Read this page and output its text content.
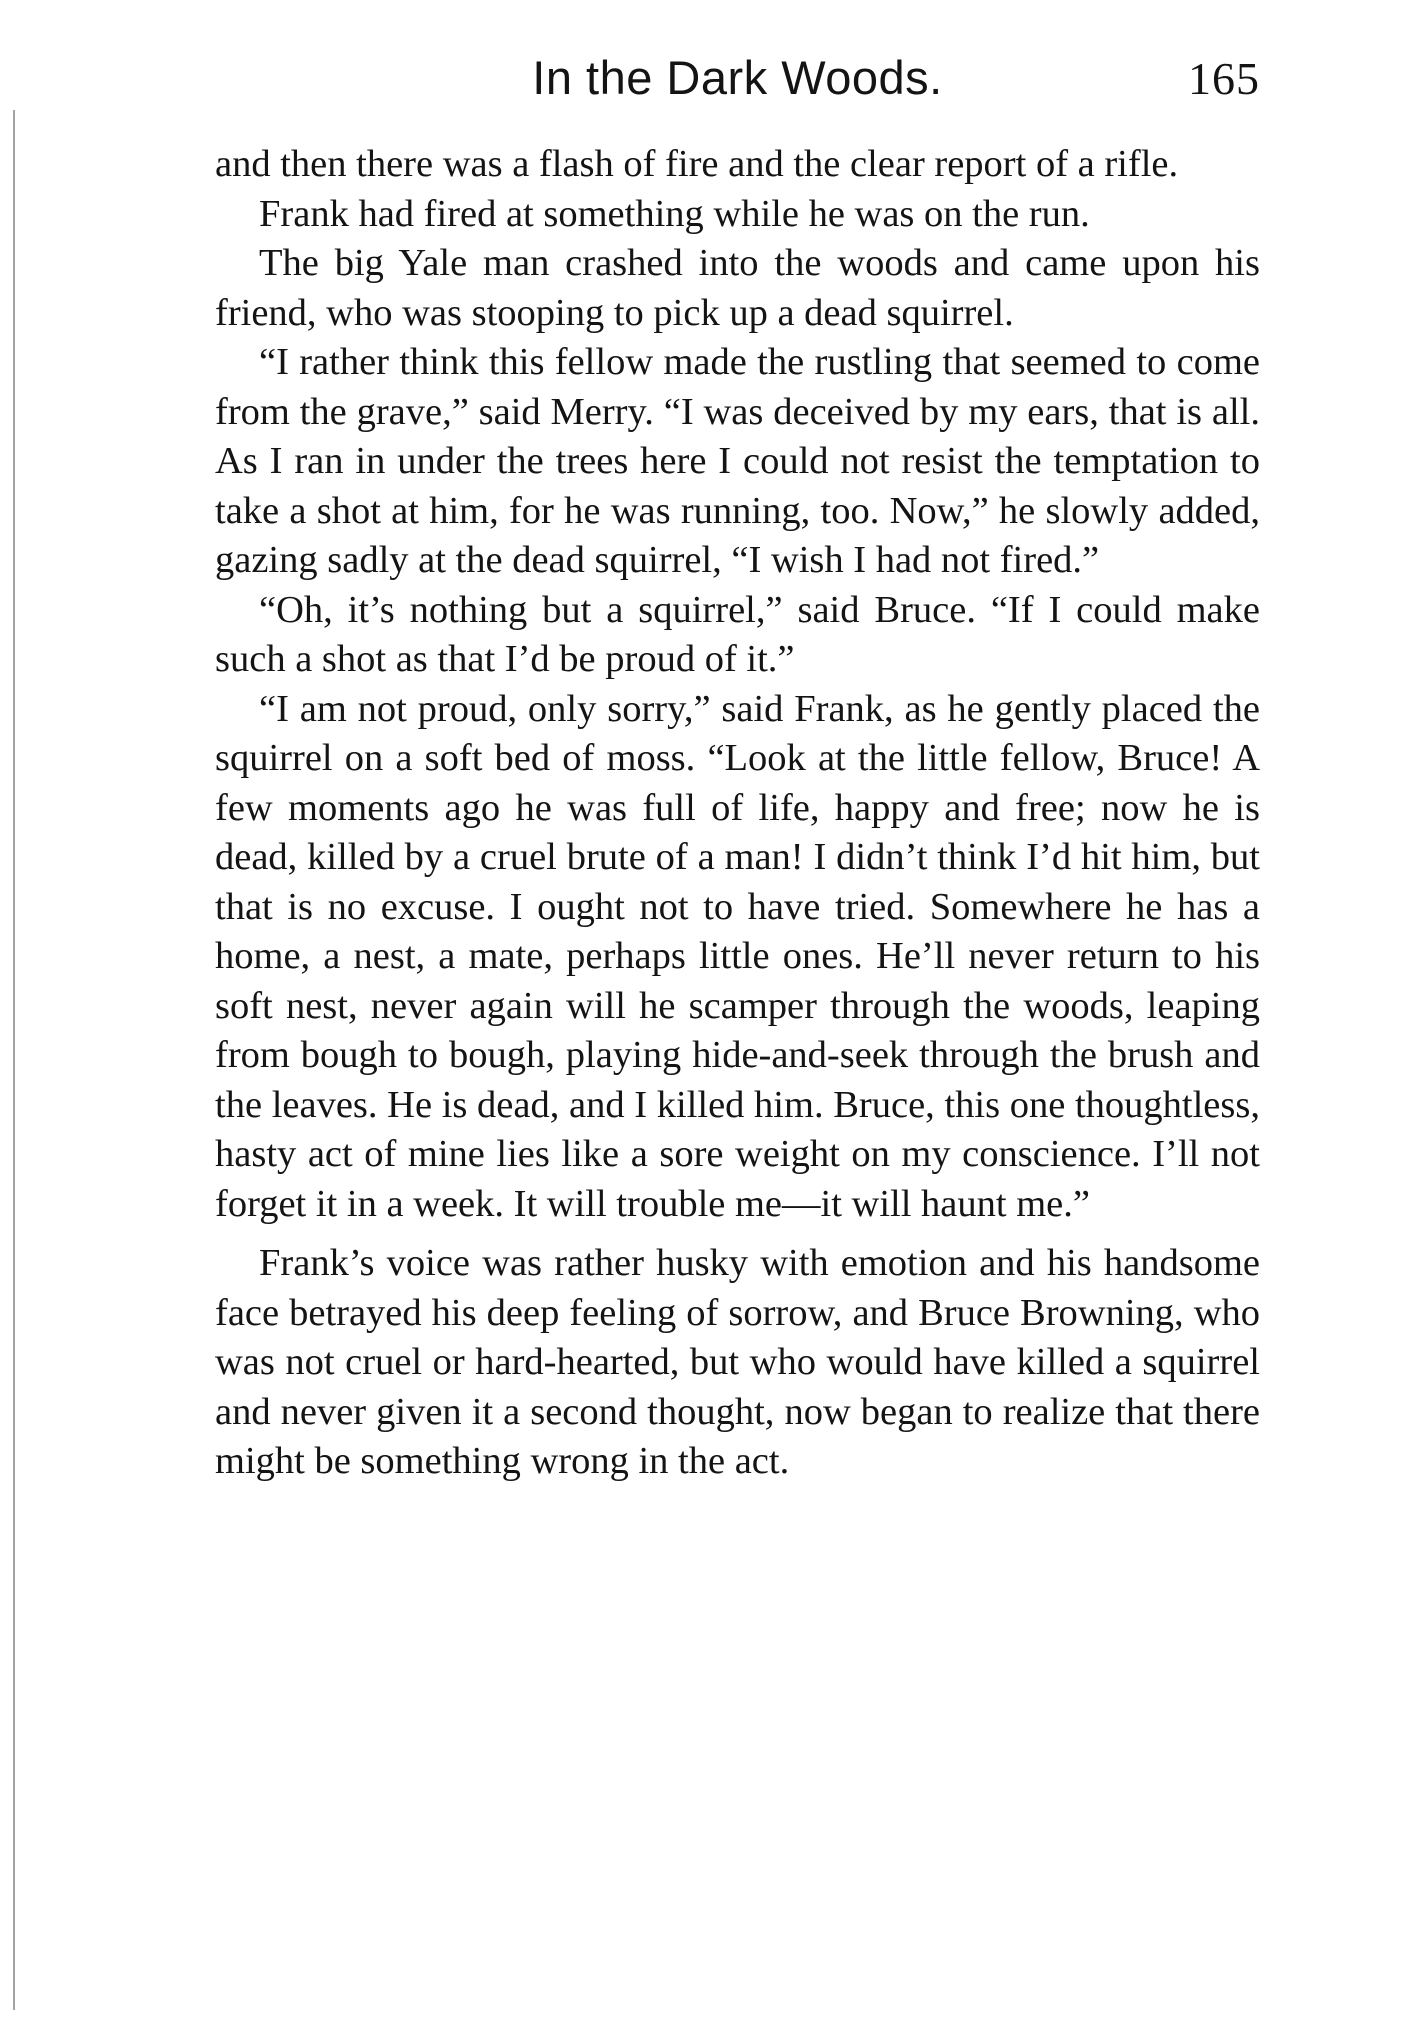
In the Dark Woods.	165

and then there was a flash of fire and the clear report of a rifle.

Frank had fired at something while he was on the run.

The big Yale man crashed into the woods and came upon his friend, who was stooping to pick up a dead squirrel.

“I rather think this fellow made the rustling that seemed to come from the grave,” said Merry. “I was deceived by my ears, that is all. As I ran in under the trees here I could not resist the temptation to take a shot at him, for he was running, too. Now,” he slowly added, gazing sadly at the dead squirrel, “I wish I had not fired.”

“Oh, it’s nothing but a squirrel,” said Bruce. “If I could make such a shot as that I’d be proud of it.”

“I am not proud, only sorry,” said Frank, as he gently placed the squirrel on a soft bed of moss. “Look at the little fellow, Bruce! A few moments ago he was full of life, happy and free; now he is dead, killed by a cruel brute of a man! I didn’t think I’d hit him, but that is no excuse. I ought not to have tried. Somewhere he has a home, a nest, a mate, perhaps little ones. He’ll never return to his soft nest, never again will he scamper through the woods, leaping from bough to bough, playing hide-and-seek through the brush and the leaves. He is dead, and I killed him. Bruce, this one thoughtless, hasty act of mine lies like a sore weight on my conscience. I’ll not forget it in a week. It will trouble me—it will haunt me.”

Frank’s voice was rather husky with emotion and his handsome face betrayed his deep feeling of sorrow, and Bruce Browning, who was not cruel or hard-hearted, but who would have killed a squirrel and never given it a second thought, now began to realize that there might be something wrong in the act.
